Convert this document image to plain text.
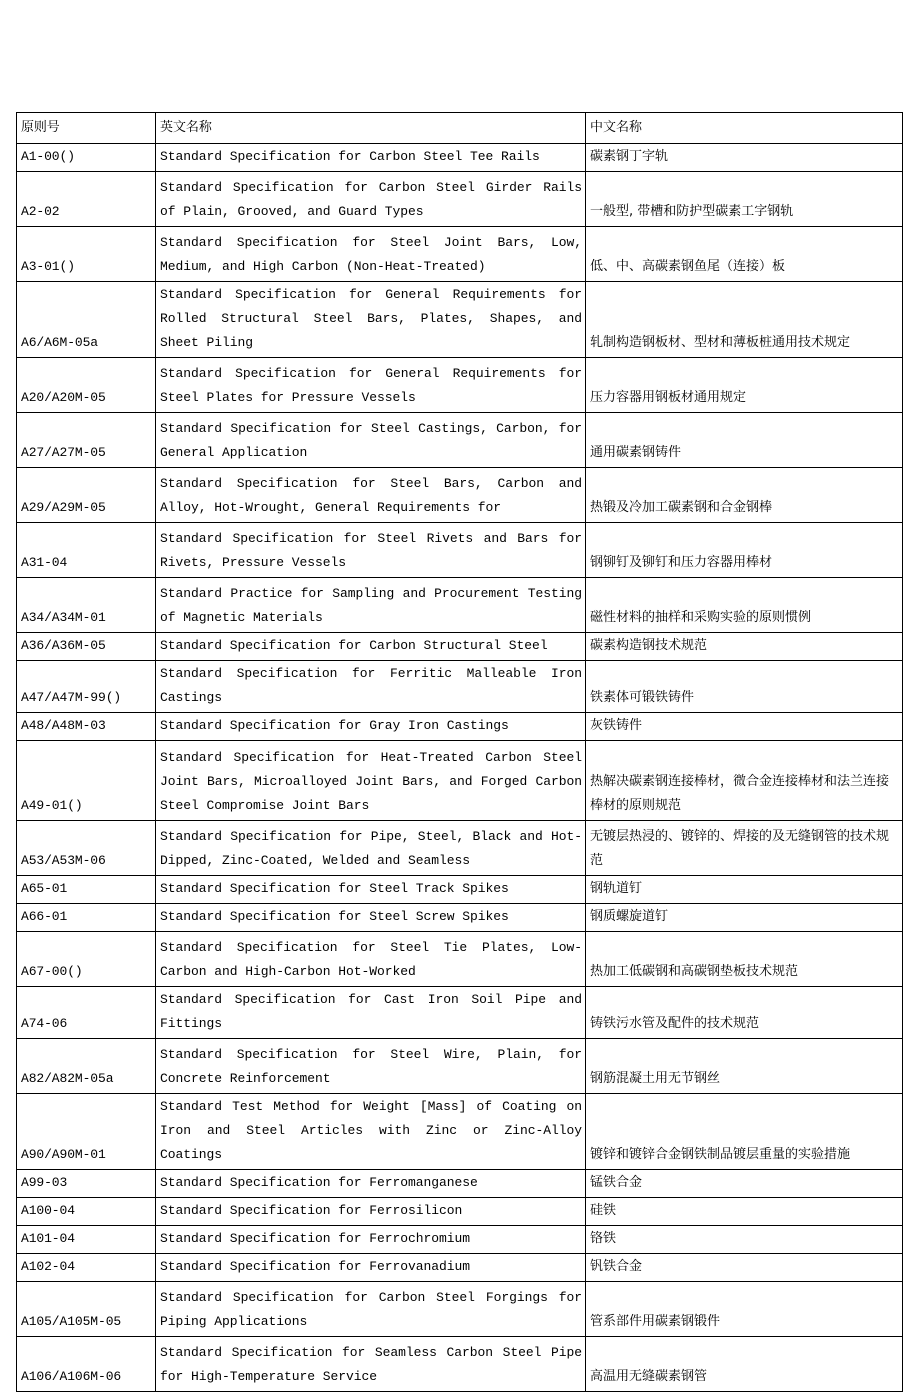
原则号	英文名称	中文名称
A1-00()	Standard Specification for Carbon Steel Tee Rails	碳素钢丁字轨
A2-02	Standard Specification for Carbon Steel Girder Rails of Plain, Grooved, and Guard Types	一般型, 带槽和防护型碳素工字钢轨
A3-01()	Standard Specification for Steel Joint Bars, Low, Medium, and High Carbon (Non-Heat-Treated)	低、中、高碳素钢鱼尾（连接）板
A6/A6M-05a	Standard Specification for General Requirements for Rolled Structural Steel Bars, Plates, Shapes, and Sheet Piling	轧制构造钢板材、型材和薄板桩通用技术规定
A20/A20M-05	Standard Specification for General Requirements for Steel Plates for Pressure Vessels	压力容器用钢板材通用规定
A27/A27M-05	Standard Specification for Steel Castings, Carbon, for General Application	通用碳素钢铸件
A29/A29M-05	Standard Specification for Steel Bars, Carbon and Alloy, Hot-Wrought, General Requirements for	热锻及冷加工碳素钢和合金钢棒
A31-04	Standard Specification for Steel Rivets and Bars for Rivets, Pressure Vessels	钢铆钉及铆钉和压力容器用棒材
A34/A34M-01	Standard Practice for Sampling and Procurement Testing of Magnetic Materials	磁性材料的抽样和采购实验的原则惯例
A36/A36M-05	Standard Specification for Carbon Structural Steel	碳素构造钢技术规范
A47/A47M-99()	Standard Specification for Ferritic Malleable Iron Castings	铁素体可锻铁铸件
A48/A48M-03	Standard Specification for Gray Iron Castings	灰铁铸件
A49-01()	Standard Specification for Heat-Treated Carbon Steel Joint Bars, Microalloyed Joint Bars, and Forged Carbon Steel Compromise Joint Bars	热解决碳素钢连接棒材，微合金连接棒材和法兰连接棒材的原则规范
A53/A53M-06	Standard Specification for Pipe, Steel, Black and Hot-Dipped, Zinc-Coated, Welded and Seamless	无镀层热浸的、镀锌的、焊接的及无缝钢管的技术规范
A65-01	Standard Specification for Steel Track Spikes	钢轨道钉
A66-01	Standard Specification for Steel Screw Spikes	钢质螺旋道钉
A67-00()	Standard Specification for Steel Tie Plates, Low-Carbon and High-Carbon Hot-Worked	热加工低碳钢和高碳钢垫板技术规范
A74-06	Standard Specification for Cast Iron Soil Pipe and Fittings	铸铁污水管及配件的技术规范
A82/A82M-05a	Standard Specification for Steel Wire, Plain, for Concrete Reinforcement	钢筋混凝土用无节钢丝
A90/A90M-01	Standard Test Method for Weight [Mass] of Coating on Iron and Steel Articles with Zinc or Zinc-Alloy Coatings	镀锌和镀锌合金钢铁制品镀层重量的实验措施
A99-03	Standard Specification for Ferromanganese	锰铁合金
A100-04	Standard Specification for Ferrosilicon	硅铁
A101-04	Standard Specification for Ferrochromium	铬铁
A102-04	Standard Specification for Ferrovanadium	钒铁合金
A105/A105M-05	Standard Specification for Carbon Steel Forgings for Piping Applications	管系部件用碳素钢锻件
A106/A106M-06	Standard Specification for Seamless Carbon Steel Pipe for High-Temperature Service	高温用无缝碳素钢管
